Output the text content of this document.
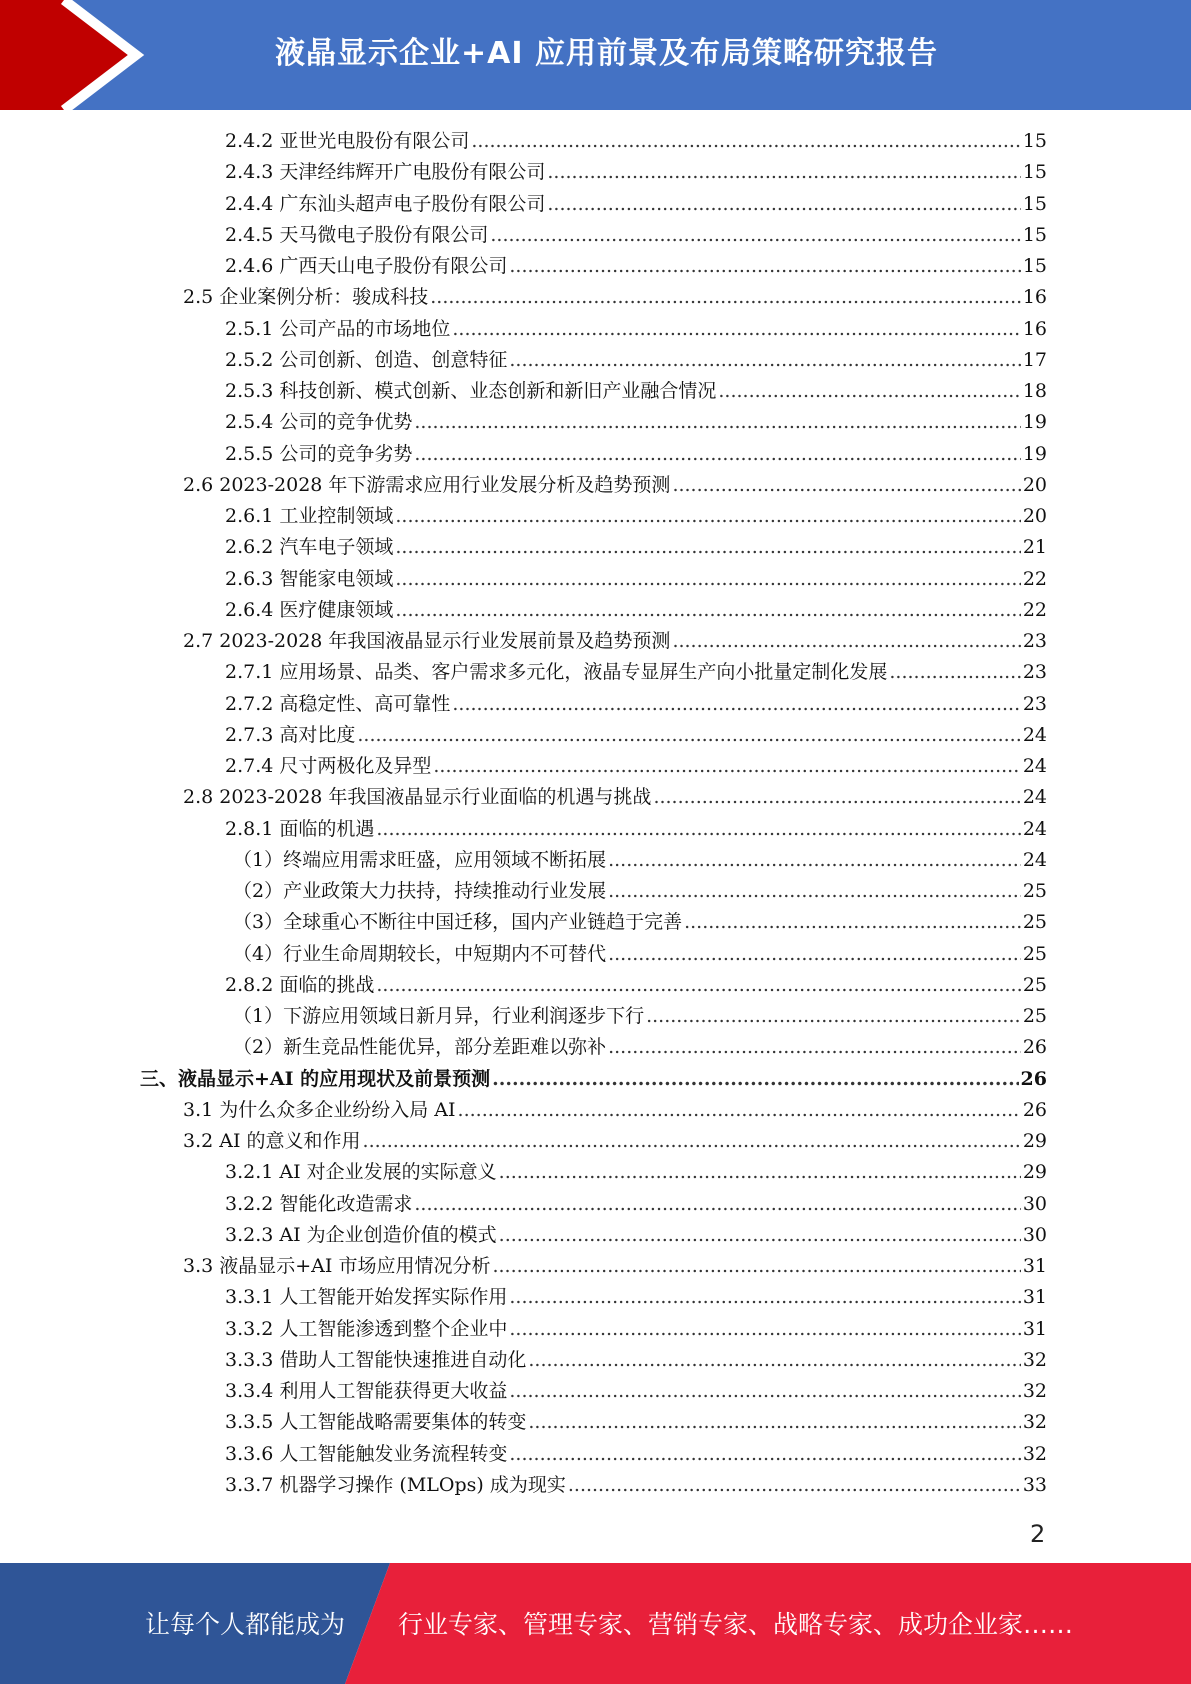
液晶显示企业+AI 应用前景及布局策略研究报告
2.4.2 亚世光电股份有限公司 .....	15
2.4.3 天津经纬辉开广电股份有限公司 .....	15
2.4.4 广东汕头超声电子股份有限公司 .....	15
2.4.5 天马微电子股份有限公司 .....	15
2.4.6 广西天山电子股份有限公司 .....	15
2.5 企业案例分析：骏成科技 .....	16
2.5.1 公司产品的市场地位 .....	16
2.5.2 公司创新、创造、创意特征 .....	17
2.5.3 科技创新、模式创新、业态创新和新旧产业融合情况 .....	18
2.5.4 公司的竞争优势 .....	19
2.5.5 公司的竞争劣势 .....	19
2.6 2023-2028 年下游需求应用行业发展分析及趋势预测 .....	20
2.6.1 工业控制领域 .....	20
2.6.2 汽车电子领域 .....	21
2.6.3 智能家电领域 .....	22
2.6.4 医疗健康领域 .....	22
2.7 2023-2028 年我国液晶显示行业发展前景及趋势预测 .....	23
2.7.1 应用场景、品类、客户需求多元化，液晶专显屏生产向小批量定制化发展 .....	23
2.7.2 高稳定性、高可靠性 .....	23
2.7.3 高对比度 .....	24
2.7.4 尺寸两极化及异型 .....	24
2.8 2023-2028 年我国液晶显示行业面临的机遇与挑战 .....	24
2.8.1 面临的机遇 .....	24
（1）终端应用需求旺盛，应用领域不断拓展 .....	24
（2）产业政策大力扶持，持续推动行业发展 .....	25
（3）全球重心不断往中国迁移，国内产业链趋于完善 .....	25
（4）行业生命周期较长，中短期内不可替代 .....	25
2.8.2 面临的挑战 .....	25
（1）下游应用领域日新月异，行业利润逐步下行 .....	25
（2）新生竞品性能优异，部分差距难以弥补 .....	26
三、液晶显示+AI 的应用现状及前景预测 .....	26
3.1 为什么众多企业纷纷入局 AI .....	26
3.2 AI 的意义和作用 .....	29
3.2.1 AI 对企业发展的实际意义 .....	29
3.2.2 智能化改造需求 .....	30
3.2.3 AI 为企业创造价值的模式 .....	30
3.3 液晶显示+AI 市场应用情况分析 .....	31
3.3.1 人工智能开始发挥实际作用 .....	31
3.3.2 人工智能渗透到整个企业中 .....	31
3.3.3 借助人工智能快速推进自动化 .....	32
3.3.4 利用人工智能获得更大收益 .....	32
3.3.5 人工智能战略需要集体的转变 .....	32
3.3.6 人工智能触发业务流程转变 .....	32
3.3.7 机器学习操作 (MLOps) 成为现实 .....	33
2
让每个人都能成为 行业专家、管理专家、营销专家、战略专家、成功企业家……
